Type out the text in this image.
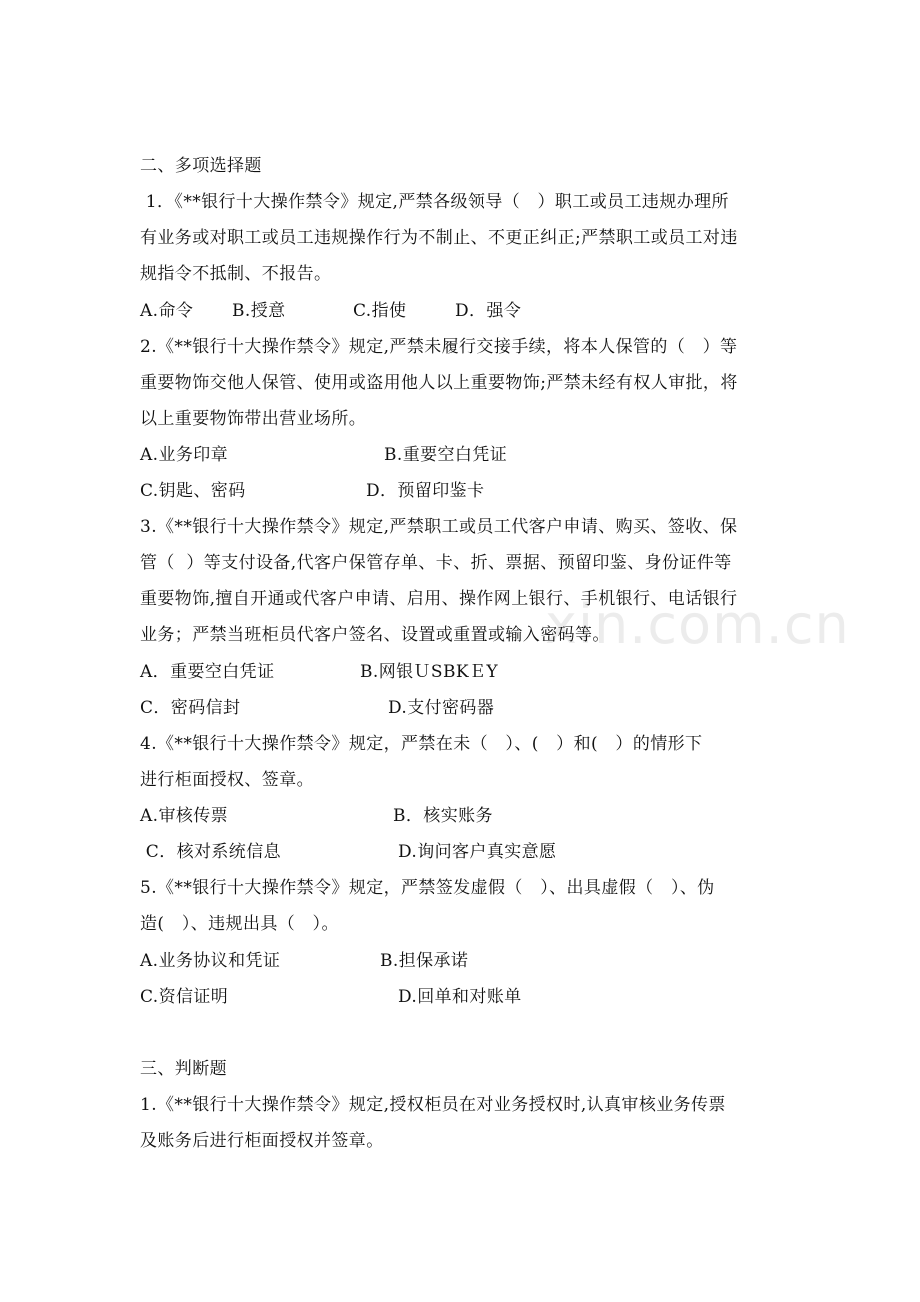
xin.com.cn
二、多项选择题
1．《**银行十大操作禁令》规定,严禁各级领导（   ）职工或员工违规办理所
有业务或对职工或员工违规操作行为不制止、不更正纠正;严禁职工或员工对违
规指令不抵制、不报告。
A.命令 B.授意	C.指使	D．强令
2.《**银行十大操作禁令》规定,严禁未履行交接手续，将本人保管的（   ）等
重要物饰交他人保管、使用或盗用他人以上重要物饰;严禁未经有权人审批，将
以上重要物饰带出营业场所。
A.业务印章	B.重要空白凭证
C.钥匙、密码	D．预留印鉴卡
3.《**银行十大操作禁令》规定,严禁职工或员工代客户申请、购买、签收、保
管（  ）等支付设备,代客户保管存单、卡、折、票据、预留印鉴、身份证件等
重要物饰,擅自开通或代客户申请、启用、操作网上银行、手机银行、电话银行
业务；严禁当班柜员代客户签名、设置或重置或输入密码等。
A．重要空白凭证	B.网银ＵSBKＥY
C．密码信封	D.支付密码器
4.《**银行十大操作禁令》规定，严禁在未（   ）、(   ）和(   ）的情形下
进行柜面授权、签章。
A.审核传票	B．核实账务
C．核对系统信息	D.询问客户真实意愿
5.《**银行十大操作禁令》规定，严禁签发虚假（   ）、出具虚假（   ）、伪
造(   ）、违规出具（   ）。
A.业务协议和凭证	B.担保承诺
C.资信证明	D.回单和对账单
三、判断题
1.《**银行十大操作禁令》规定,授权柜员在对业务授权时,认真审核业务传票
及账务后进行柜面授权并签章。
